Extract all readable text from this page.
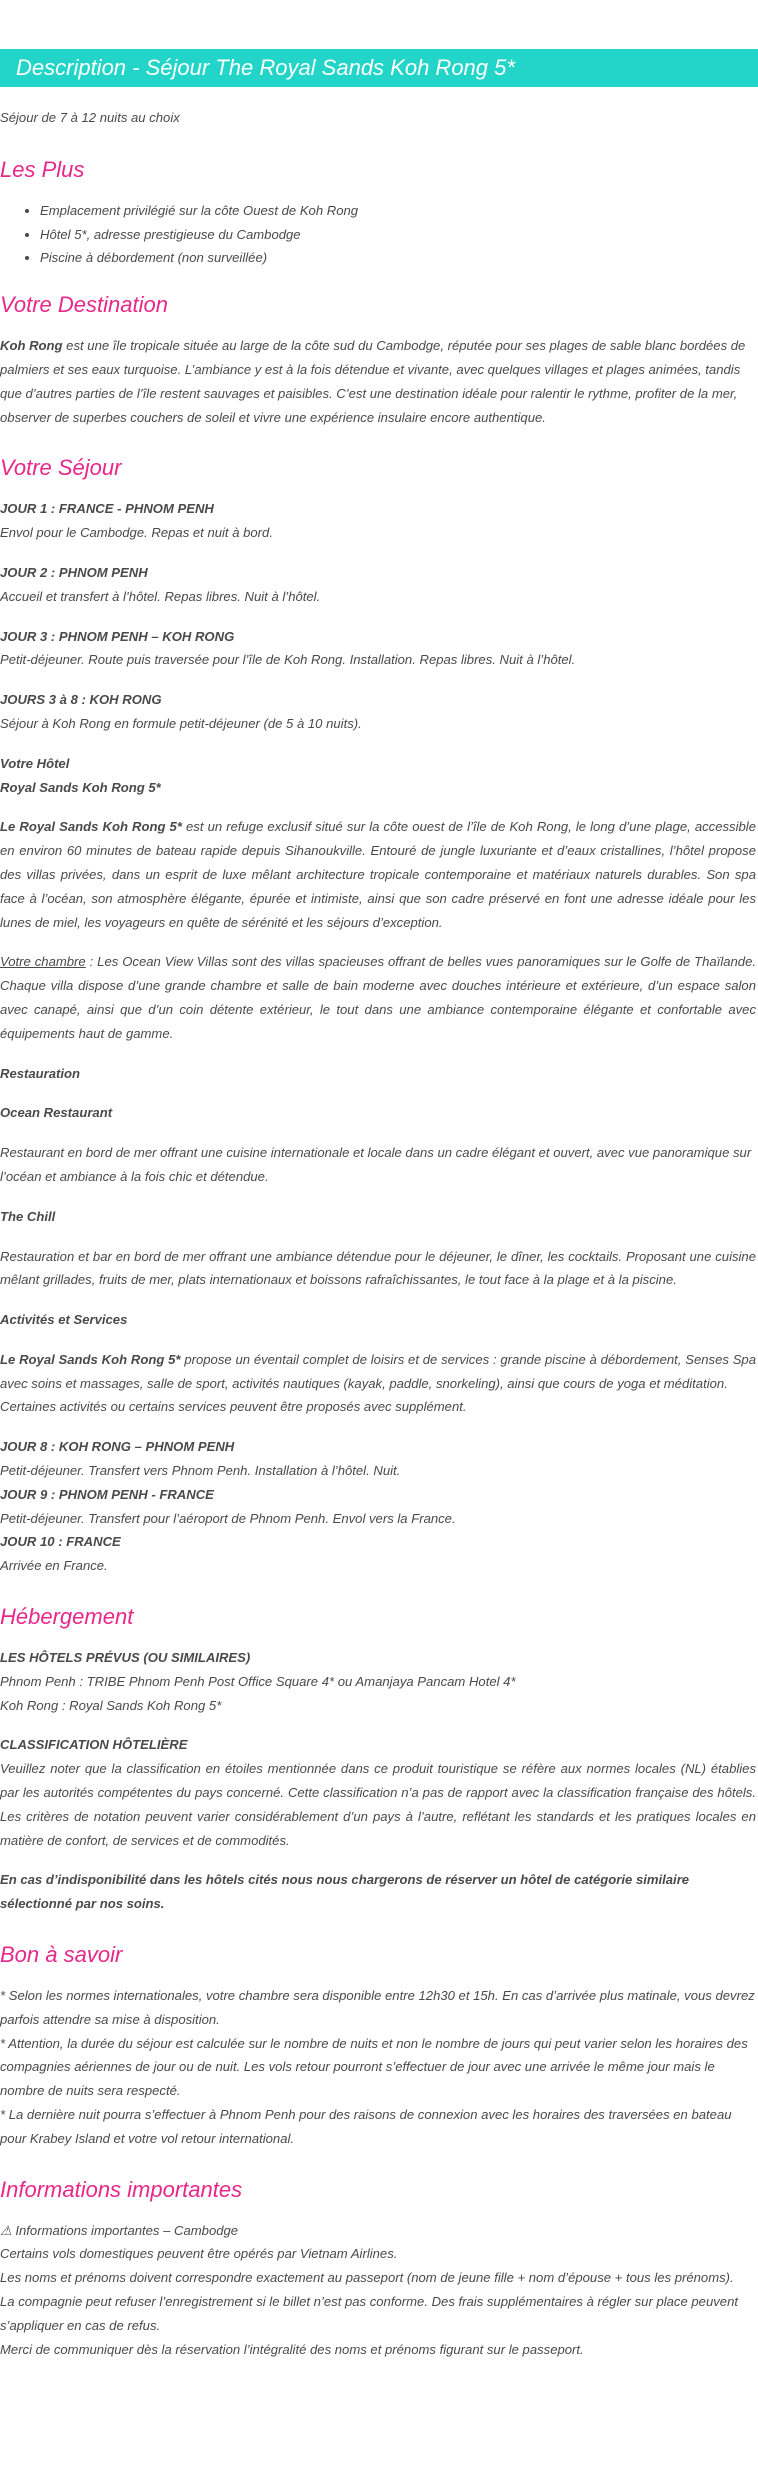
Description - Séjour The Royal Sands Koh Rong 5*

Séjour de 7 à 12 nuits au choix

Les Plus
• Emplacement privilégié sur la côte Ouest de Koh Rong
• Hôtel 5*, adresse prestigieuse du Cambodge
• Piscine à débordement (non surveillée)
Votre Destination

Koh Rong est une île tropicale située au large de la côte sud du Cambodge, réputée pour ses plages de sable blanc bordées de palmiers et ses eaux turquoise. L’ambiance y est à la fois détendue et vivante, avec quelques villages et plages animées, tandis que d’autres parties de l’île restent sauvages et paisibles. C’est une destination idéale pour ralentir le rythme, profiter de la mer, observer de superbes couchers de soleil et vivre une expérience insulaire encore authentique.

Votre Séjour

JOUR 1 : FRANCE - PHNOM PENH
Envol pour le Cambodge. Repas et nuit à bord.

JOUR 2 : PHNOM PENH
Accueil et transfert à l’hôtel. Repas libres. Nuit à l’hôtel.

JOUR 3 : PHNOM PENH – KOH RONG
Petit-déjeuner. Route puis traversée pour l’île de Koh Rong. Installation. Repas libres. Nuit à l’hôtel.

JOURS 3 à 8 : KOH RONG
Séjour à Koh Rong en formule petit-déjeuner (de 5 à 10 nuits).

Votre Hôtel
Royal Sands Koh Rong 5*

Le Royal Sands Koh Rong 5* est un refuge exclusif situé sur la côte ouest de l’île de Koh Rong, le long d’une plage, accessible en environ 60 minutes de bateau rapide depuis Sihanoukville. Entouré de jungle luxuriante et d’eaux cristallines, l’hôtel propose des villas privées, dans un esprit de luxe mêlant architecture tropicale contemporaine et matériaux naturels durables. Son spa face à l’océan, son atmosphère élégante, épurée et intimiste, ainsi que son cadre préservé en font une adresse idéale pour les lunes de miel, les voyageurs en quête de sérénité et les séjours d’exception.

Votre chambre : Les Ocean View Villas sont des villas spacieuses offrant de belles vues panoramiques sur le Golfe de Thaïlande. Chaque villa dispose d’une grande chambre et salle de bain moderne avec douches intérieure et extérieure, d’un espace salon avec canapé, ainsi que d’un coin détente extérieur, le tout dans une ambiance contemporaine élégante et confortable avec équipements haut de gamme.

Restauration

Ocean Restaurant

Restaurant en bord de mer offrant une cuisine internationale et locale dans un cadre élégant et ouvert, avec vue panoramique sur l’océan et ambiance à la fois chic et détendue.

The Chill

Restauration et bar en bord de mer offrant une ambiance détendue pour le déjeuner, le dîner, les cocktails. Proposant une cuisine mêlant grillades, fruits de mer, plats internationaux et boissons rafraîchissantes, le tout face à la plage et à la piscine.

Activités et Services

Le Royal Sands Koh Rong 5* propose un éventail complet de loisirs et de services : grande piscine à débordement, Senses Spa avec soins et massages, salle de sport, activités nautiques (kayak, paddle, snorkeling), ainsi que cours de yoga et méditation.
Certaines activités ou certains services peuvent être proposés avec supplément.

JOUR 8 : KOH RONG – PHNOM PENH
Petit-déjeuner. Transfert vers Phnom Penh. Installation à l’hôtel. Nuit.
JOUR 9 : PHNOM PENH - FRANCE
Petit-déjeuner. Transfert pour l’aéroport de Phnom Penh. Envol vers la France.
JOUR 10 : FRANCE
Arrivée en France.

Hébergement

LES HÔTELS PRÉVUS (OU SIMILAIRES)
Phnom Penh : TRIBE Phnom Penh Post Office Square 4* ou Amanjaya Pancam Hotel 4*
Koh Rong : Royal Sands Koh Rong 5*

CLASSIFICATION HÔTELIÈRE
Veuillez noter que la classification en étoiles mentionnée dans ce produit touristique se réfère aux normes locales (NL) établies par les autorités compétentes du pays concerné. Cette classification n’a pas de rapport avec la classification française des hôtels. Les critères de notation peuvent varier considérablement d’un pays à l’autre, reflétant les standards et les pratiques locales en matière de confort, de services et de commodités.

En cas d’indisponibilité dans les hôtels cités nous nous chargerons de réserver un hôtel de catégorie similaire sélectionné par nos soins.

Bon à savoir

* Selon les normes internationales, votre chambre sera disponible entre 12h30 et 15h. En cas d’arrivée plus matinale, vous devrez parfois attendre sa mise à disposition.
* Attention, la durée du séjour est calculée sur le nombre de nuits et non le nombre de jours qui peut varier selon les horaires des compagnies aériennes de jour ou de nuit. Les vols retour pourront s’effectuer de jour avec une arrivée le même jour mais le nombre de nuits sera respecté.
* La dernière nuit pourra s’effectuer à Phnom Penh pour des raisons de connexion avec les horaires des traversées en bateau pour Krabey Island et votre vol retour international.

Informations importantes

⚠ Informations importantes – Cambodge
Certains vols domestiques peuvent être opérés par Vietnam Airlines.
Les noms et prénoms doivent correspondre exactement au passeport (nom de jeune fille + nom d’épouse + tous les prénoms).
La compagnie peut refuser l’enregistrement si le billet n’est pas conforme. Des frais supplémentaires à régler sur place peuvent s’appliquer en cas de refus.
Merci de communiquer dès la réservation l’intégralité des noms et prénoms figurant sur le passeport.
